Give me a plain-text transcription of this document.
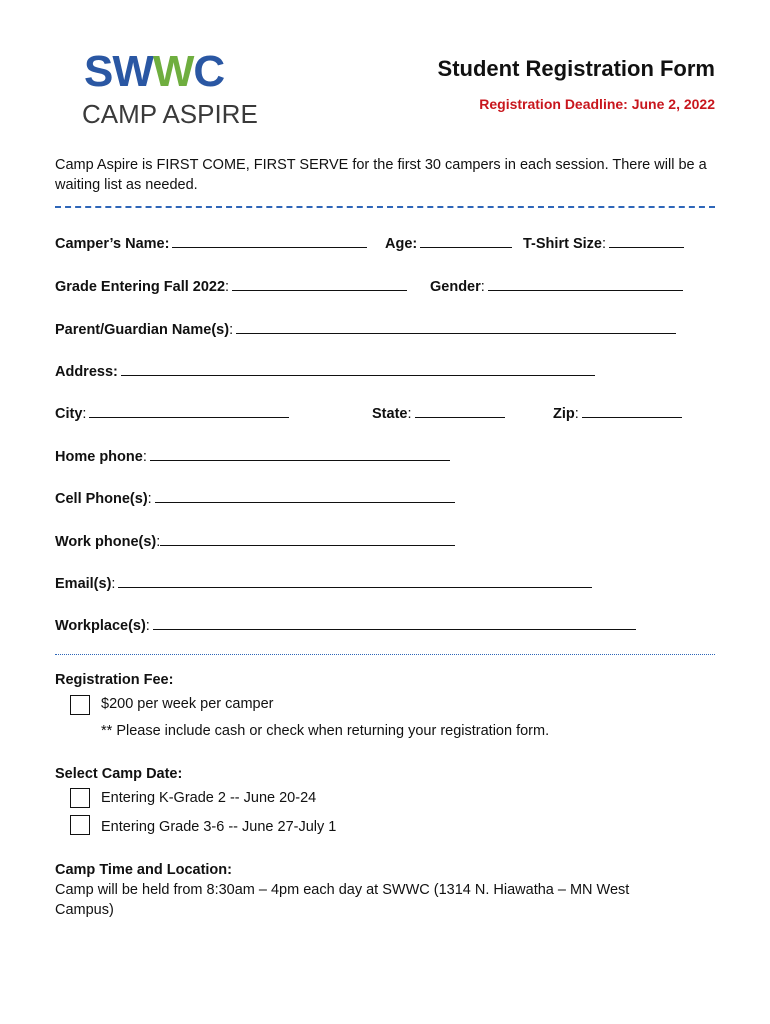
SWWC
CAMP ASPIRE
Student Registration Form
Registration Deadline: June 2, 2022
Camp Aspire is FIRST COME, FIRST SERVE for the first 30 campers in each session. There will be a waiting list as needed.
Camper’s Name:	Age:	T-Shirt Size:
Grade Entering Fall 2022:	Gender:
Parent/Guardian Name(s):
Address:
City:	State:	Zip:
Home phone:
Cell Phone(s):
Work phone(s):
Email(s):
Workplace(s):
Registration Fee:
$200 per week per camper
** Please include cash or check when returning your registration form.
Select Camp Date:
Entering K-Grade 2 -- June 20-24
Entering Grade 3-6 -- June 27-July 1
Camp Time and Location:
Camp will be held from 8:30am – 4pm each day at SWWC (1314 N. Hiawatha – MN West Campus)
